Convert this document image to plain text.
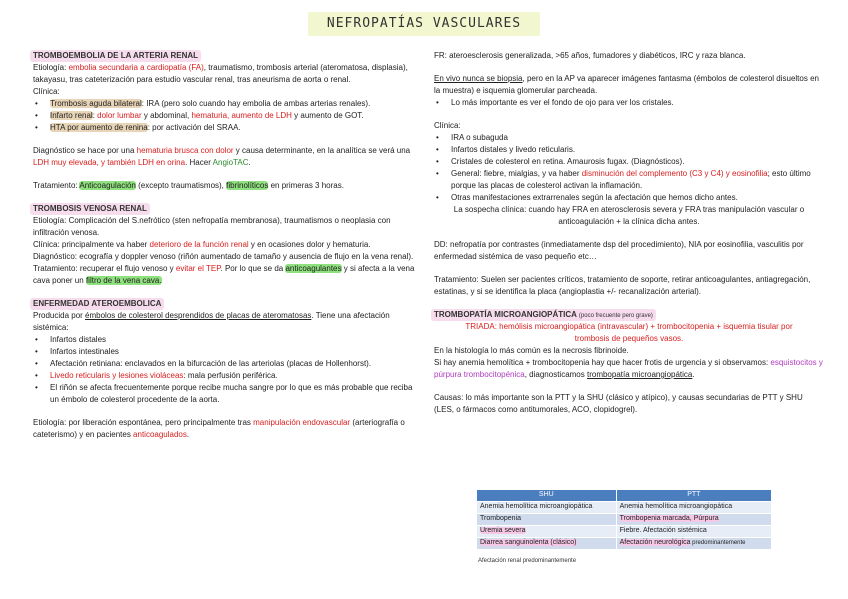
NEFROPATÍAS VASCULARES
TROMBOEMBOLIA DE LA ARTERIA RENAL

Etiología: embolia secundaria a cardiopatía (FA), traumatismo, trombosis arterial (ateromatosa, displasia), takayasu, tras cateterización para estudio vascular renal, tras aneurisma de aorta o renal.

Clínica:

• Trombosis aguda bilateral: IRA (pero solo cuando hay embolia de ambas arterias renales).
• Infarto renal: dolor lumbar y abdominal, hematuria, aumento de LDH y aumento de GOT.
• HTA por aumento de renina: por activación del SRAA.

Diagnóstico se hace por una hematuria brusca con dolor y causa determinante, en la analítica se verá una LDH muy elevada, y también LDH en orina. Hacer AngioTAC.

Tratamiento: Anticoagulación (excepto traumatismos), fibrinolíticos en primeras 3 horas.

TROMBOSIS VENOSA RENAL

Etiología: Complicación del S.nefrótico (sten nefropatía membranosa), traumatismos o neoplasia con infiltración venosa.

Clínica: principalmente va haber deterioro de la función renal y en ocasiones dolor y hematuria.

Diagnóstico: ecografía y doppler venoso (riñón aumentado de tamaño y ausencia de flujo en la vena renal).

Tratamiento: recuperar el flujo venoso y evitar el TEP. Por lo que se da anticoagulantes y si afecta a la vena cava poner un filtro de la vena cava.

ENFERMEDAD ATEROEMBOLICA

Producida por émbolos de colesterol desprendidos de placas de ateromatosas. Tiene una afectación sistémica:

• Infartos distales
• Infartos intestinales
• Afectación retiniana: enclavados en la bifurcación de las arteriolas (placas de Hollenhorst).
• Livedo reticularis y lesiones violáceas: mala perfusión periférica.
• El riñón se afecta frecuentemente porque recibe mucha sangre por lo que es más probable que reciba un émbolo de colesterol procedente de la aorta.

Etiología: por liberación espontánea, pero principalmente tras manipulación endovascular (arteriografía o cateterismo) y en pacientes anticoagulados.

FR: ateroesclerosis generalizada, >65 años, fumadores y diabéticos, IRC y raza blanca.

En vivo nunca se biopsia, pero en la AP va aparecer imágenes fantasma (émbolos de colesterol disueltos en la muestra) e isquemia glomerular parcheada.

• Lo más importante es ver el fondo de ojo para ver los cristales.

Clínica:

• IRA o subaguda
• Infartos distales y livedo reticularis.
• Cristales de colesterol en retina. Amaurosis fugax. (Diagnósticos).
• General: fiebre, mialgias, y va haber disminución del complemento (C3 y C4) y eosinofilia; esto último porque las placas de colesterol activan la inflamación.
• Otras manifestaciones extrarrenales según la afectación que hemos dicho antes.

La sospecha clínica: cuando hay FRA en aterosclerosis severa y FRA tras manipulación vascular o anticoagulación + la clínica dicha antes.

DD: nefropatía por contrastes (inmediatamente dsp del procedimiento), NIA por eosinofilia, vasculitis por enfermedad sistémica de vaso pequeño etc…

Tratamiento: Suelen ser pacientes críticos, tratamiento de soporte, retirar anticoagulantes, antiagregación, estatinas, y si se identifica la placa (angioplastia +/- recanalización arterial).

TROMBOPATÍA MICROANGIOPÁTICA (poco frecuente pero grave)

TRIADA: hemólisis microangiopática (intravascular) + trombocitopenia + isquemia tisular por trombosis de pequeños vasos.

En la histología lo más común es la necrosis fibrinoide.

Si hay anemia hemolítica + trombocitopenia hay que hacer frotis de urgencia y si observamos: esquistocitos y púrpura trombocitopénica, diagnosticamos trombopatía microangiopática.

Causas: lo más importante son la PTT y la SHU (clásico y atípico), y causas secundarias de PTT y SHU (LES, o fármacos como antitumorales, ACO, clopidogrel).

SHU	PTT
Anemia hemolítica microangiopática	Anemia hemolítica microangiopática
Trombopenia	Trombopenia marcada, Púrpura
Uremia severa	Fiebre. Afectación sistémica
Diarrea sanguinolenta (clásico)	Afectación neurológica predominantemente
Afectación renal predominantemente
